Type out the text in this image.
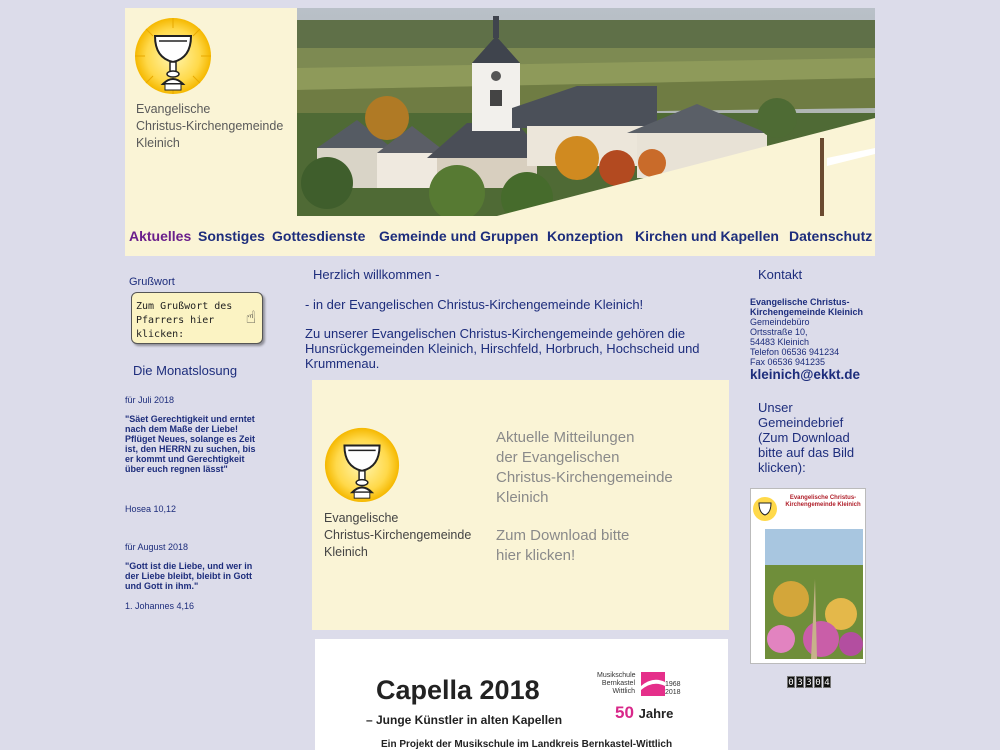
Evangelische
Christus-Kirchengemeinde
Kleinich
Aktuelles Sonstiges Gottesdienste Gemeinde und Gruppen Konzeption Kirchen und Kapellen Datenschutz
Grußwort
Zum Grußwort des
Pfarrers hier klicken:
☝
Die Monatslosung
für Juli 2018
"Säet Gerechtigkeit und erntet nach dem Maße der Liebe! Pflüget Neues, solange es Zeit ist, den HERRN zu suchen, bis er kommt und Gerechtigkeit über euch regnen lässt"
Hosea 10,12
für August 2018
"Gott ist die Liebe, und wer in der Liebe bleibt, bleibt in Gott und Gott in ihm."
1. Johannes 4,16
Herzlich willkommen -
- in der Evangelischen Christus-Kirchengemeinde Kleinich!
Zu unserer Evangelischen Christus-Kirchengemeinde gehören die Hunsrückgemeinden Kleinich, Hirschfeld, Horbruch, Hochscheid und Krummenau.
Evangelische
Christus-Kirchengemeinde
Kleinich
Aktuelle Mitteilungen
der Evangelischen
Christus-Kirchengemeinde
Kleinich
Zum Download bitte
hier klicken!
Capella 2018
– Junge Künstler in alten Kapellen
Ein Projekt der Musikschule im Landkreis Bernkastel-Wittlich
Musikschule
Bernkastel
Wittlich
1968
2018
50 Jahre
Kontakt
Evangelische Christus-
Kirchengemeinde Kleinich
Gemeindebüro
Ortsstraße 10,
54483 Kleinich
Telefon 06536 941234
Fax 06536 941235
kleinich@ekkt.de
Unser Gemeindebrief (Zum Download bitte auf das Bild klicken):
Evangelische Christus-Kirchengemeinde Kleinich
0 3 3 0 4
